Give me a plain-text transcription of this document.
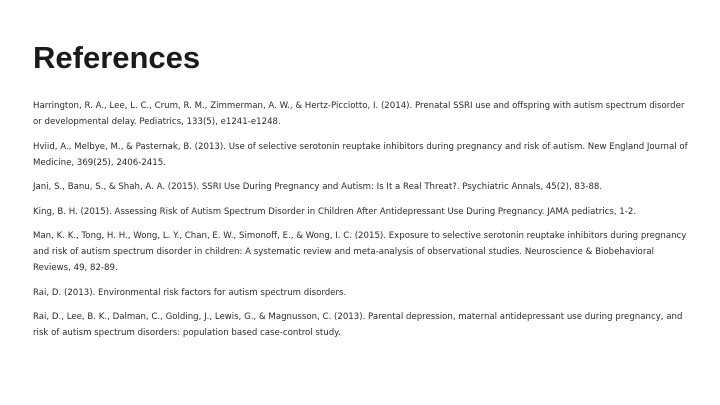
References
Harrington, R. A., Lee, L. C., Crum, R. M., Zimmerman, A. W., & Hertz-Picciotto, I. (2014). Prenatal SSRI use and offspring with autism spectrum disorder or developmental delay. Pediatrics, 133(5), e1241-e1248.
Hviid, A., Melbye, M., & Pasternak, B. (2013). Use of selective serotonin reuptake inhibitors during pregnancy and risk of autism. New England Journal of Medicine, 369(25), 2406-2415.
Jani, S., Banu, S., & Shah, A. A. (2015). SSRI Use During Pregnancy and Autism: Is It a Real Threat?. Psychiatric Annals, 45(2), 83-88.
King, B. H. (2015). Assessing Risk of Autism Spectrum Disorder in Children After Antidepressant Use During Pregnancy. JAMA pediatrics, 1-2.
Man, K. K., Tong, H. H., Wong, L. Y., Chan, E. W., Simonoff, E., & Wong, I. C. (2015). Exposure to selective serotonin reuptake inhibitors during pregnancy and risk of autism spectrum disorder in children: A systematic review and meta-analysis of observational studies. Neuroscience & Biobehavioral Reviews, 49, 82-89.
Rai, D. (2013). Environmental risk factors for autism spectrum disorders.
Rai, D., Lee, B. K., Dalman, C., Golding, J., Lewis, G., & Magnusson, C. (2013). Parental depression, maternal antidepressant use during pregnancy, and risk of autism spectrum disorders: population based case-control study.
